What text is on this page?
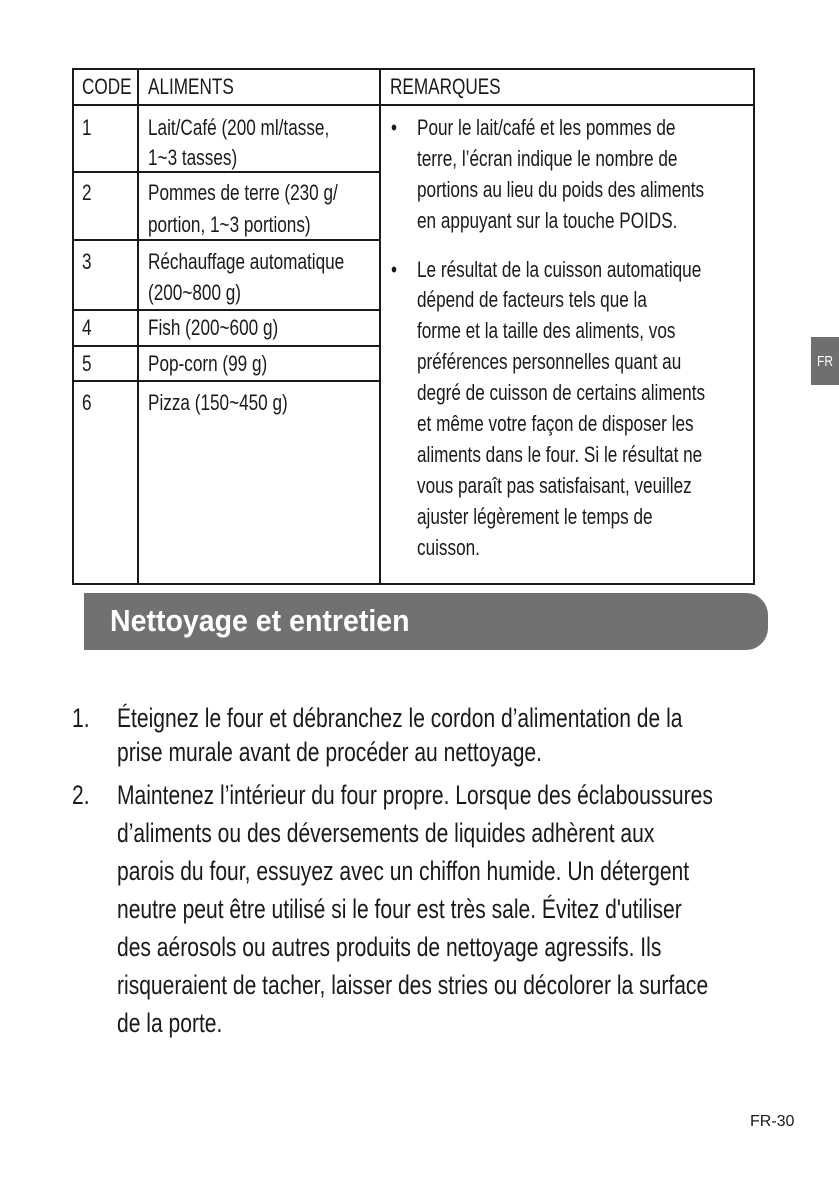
CODE ALIMENTS	REMARQUES
1	Lait/Café (200 ml/tasse,
1~3 tasses)
2	Pommes de terre (230 g/
portion, 1~3 portions)
3	Réchauffage automatique
(200~800 g)
4	Fish (200~600 g)
5	Pop-corn (99 g)
6	Pizza (150~450 g)
• Pour le lait/café et les pommes de
terre, l’écran indique le nombre de
portions au lieu du poids des aliments
en appuyant sur la touche POIDS.
• Le résultat de la cuisson automatique
dépend de facteurs tels que la
forme et la taille des aliments, vos
préférences personnelles quant au
degré de cuisson de certains aliments
et même votre façon de disposer les
aliments dans le four. Si le résultat ne
vous paraît pas satisfaisant, veuillez
ajuster légèrement le temps de
cuisson.
1. Éteignez le four et débranchez le cordon d’alimentation de la
prise murale avant de procéder au nettoyage.
2. Maintenez l’intérieur du four propre. Lorsque des éclaboussures
d’aliments ou des déversements de liquides adhèrent aux
parois du four, essuyez avec un chiffon humide. Un détergent
neutre peut être utilisé si le four est très sale. Évitez d'utiliser
des aérosols ou autres produits de nettoyage agressifs. Ils
risqueraient de tacher, laisser des stries ou décolorer la surface
de la porte.
Nettoyage et entretien
FR
FR-30
